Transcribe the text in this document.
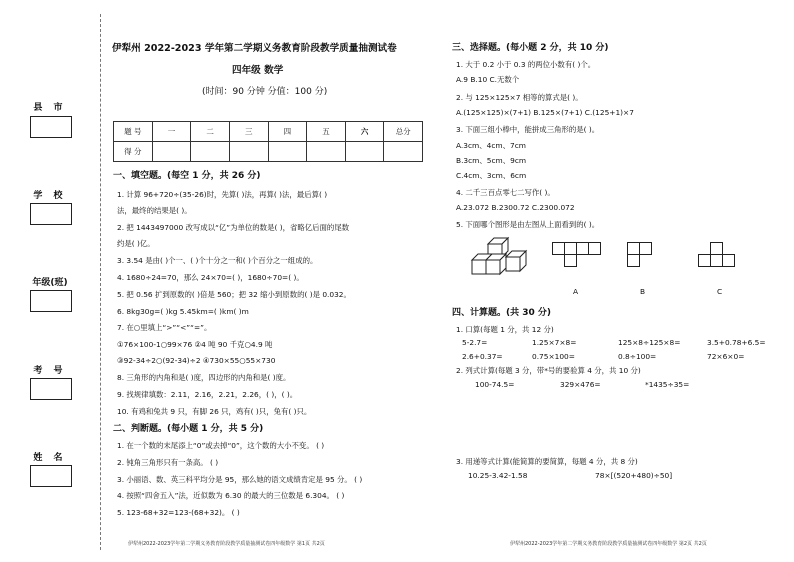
县 市
学 校
年级(班)
考 号
姓 名
伊犁州 2022-2023 学年第二学期义务教育阶段教学质量抽测试卷
四年级 数学
(时间：90 分钟 分值：100 分)
题 号	一	二	三	四	五	六	总分
得 分							
一、填空题。(每空 1 分，共 26 分)
1. 计算 96+720÷(35-26)时，先算( )法，再算( )法，最后算( )
法，最终的结果是( )。
2. 把 1443497000 改写成以“亿”为单位的数是( )，省略亿后面的尾数
约是( )亿。
3. 3.54 是由( )个一、( )个十分之一和( )个百分之一组成的。
4. 1680÷24=70，那么 24×70=( )，1680÷70=( )。
5. 把 0.56 扩到原数的( )倍是 560；把 32 缩小到原数的( )是 0.032。
6. 8kg30g=( )kg 5.45km=( )km( )m
7. 在○里填上“>”“<”“=”。
①76×100-1○99×76 ②4 吨 90 千克○4.9 吨
③92-34÷2○(92-34)÷2 ④730×55○55×730
8. 三角形的内角和是( )度，四边形的内角和是( )度。
9. 找规律填数：2.11，2.16，2.21，2.26，( )，( )。
10. 有鸡和兔共 9 只，有脚 26 只，鸡有( )只，兔有( )只。
二、判断题。(每小题 1 分，共 5 分)
1. 在一个数的末尾添上“0”或去掉“0”，这个数的大小不变。 ( )
2. 钝角三角形只有一条高。 ( )
3. 小丽语、数、英三科平均分是 95，那么她的语文成绩肯定是 95 分。 ( )
4. 按照“四舍五入”法，近似数为 6.30 的最大的三位数是 6.304。 ( )
5. 123-68+32=123-(68+32)。 ( )
伊犁州2022-2023学年第二学期义务教育阶段教学质量抽测试卷四年级数学 第1页 共2页
三、选择题。(每小题 2 分，共 10 分)
1. 大于 0.2 小于 0.3 的两位小数有( )个。
A.9 B.10 C.无数个
2. 与 125×125×7 相等的算式是( )。
A.(125×125)×(7+1) B.125×(7+1) C.(125+1)×7
3. 下面三组小棒中，能拼成三角形的是( )。
A.3cm、4cm、7cm
B.3cm、5cm、9cm
C.4cm、3cm、6cm
4. 二千三百点零七二写作( )。
A.23.072 B.2300.72 C.2300.072
5. 下面哪个图形是由左图从上面看到的( )。
A	B	C
四、计算题。(共 30 分)
1. 口算(每题 1 分，共 12 分)
5-2.7=	1.25×7×8=	125×8÷125×8=	3.5+0.78+6.5=
2.6+0.37=	0.75×100=	0.8÷100=	72×6×0=
2. 列式计算(每题 3 分，带*号的要验算 4 分，共 10 分)
100-74.5=	329×476=	*1435÷35=
3. 用递等式计算(能简算的要简算，每题 4 分，共 8 分)
10.25-3.42-1.58	78×[(520+480)÷50]
伊犁州2022-2023学年第二学期义务教育阶段教学质量抽测试卷四年级数学 第2页 共2页
